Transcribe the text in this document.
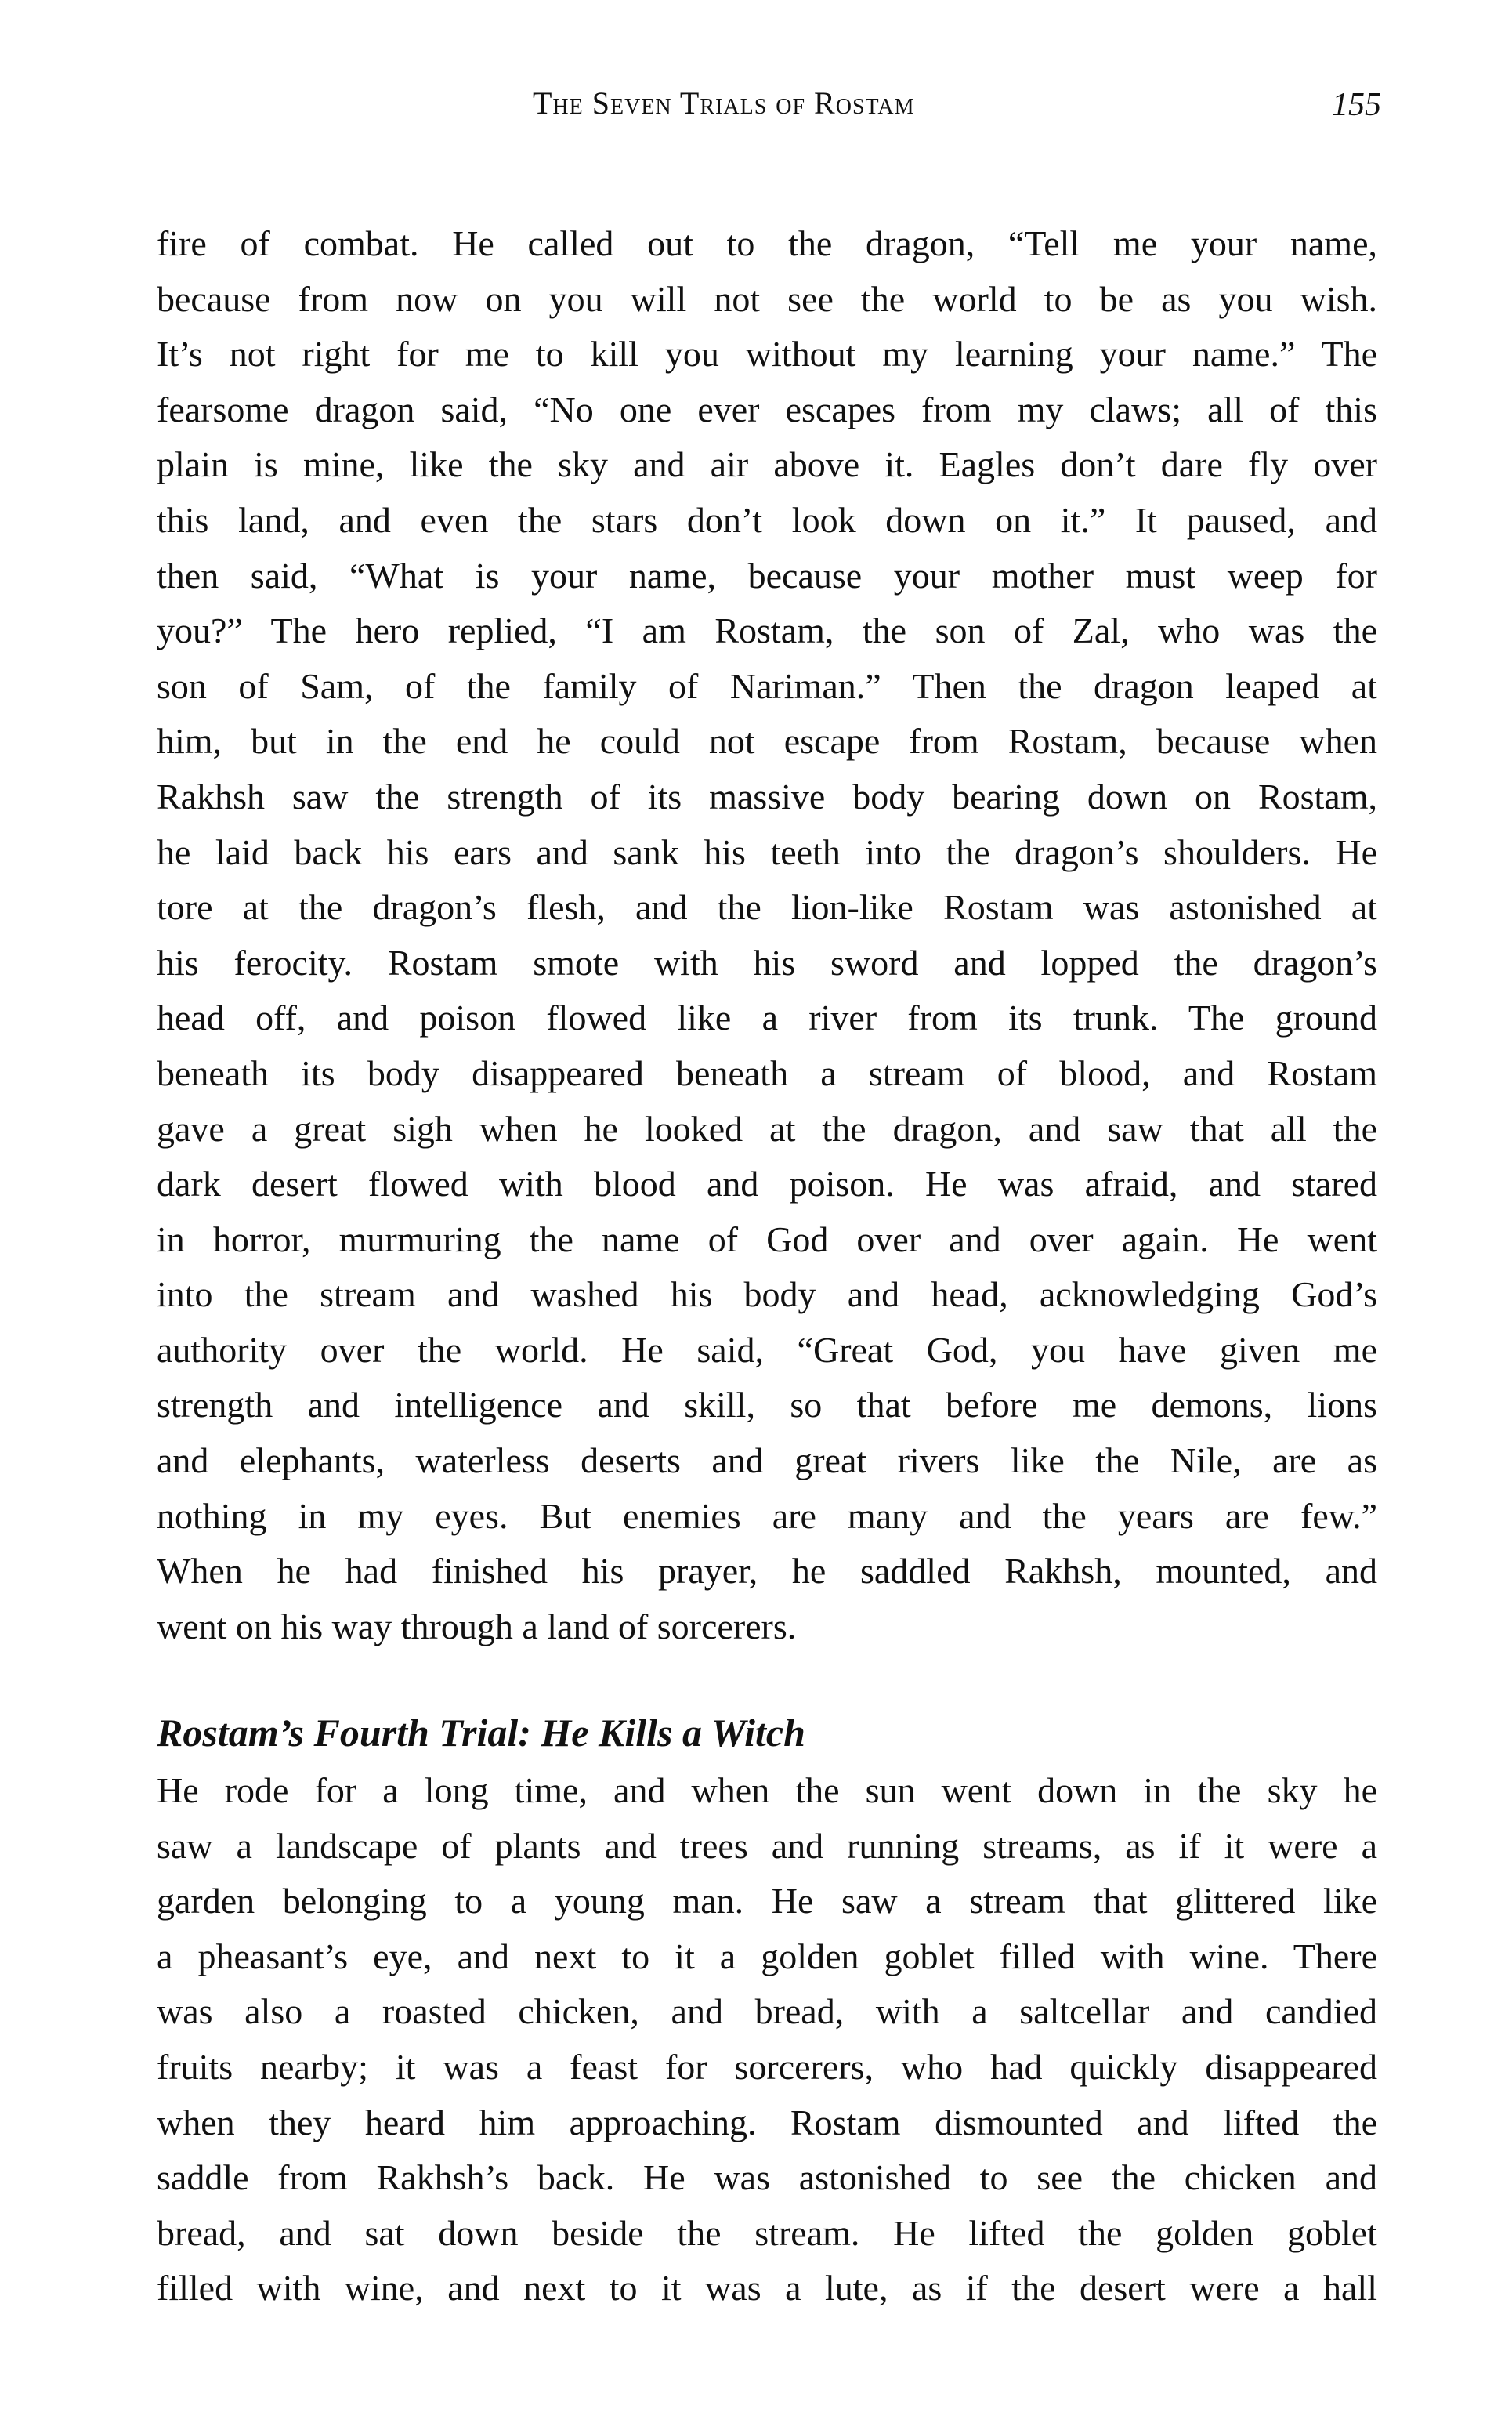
The Seven Trials of Rostam	155
fire of combat. He called out to the dragon, “Tell me your name,
because from now on you will not see the world to be as you wish.
It’s not right for me to kill you without my learning your name.” The
fearsome dragon said, “No one ever escapes from my claws; all of this
plain is mine, like the sky and air above it. Eagles don’t dare fly over
this land, and even the stars don’t look down on it.” It paused, and
then said, “What is your name, because your mother must weep for
you?” The hero replied, “I am Rostam, the son of Zal, who was the
son of Sam, of the family of Nariman.” Then the dragon leaped at
him, but in the end he could not escape from Rostam, because when
Rakhsh saw the strength of its massive body bearing down on Rostam,
he laid back his ears and sank his teeth into the dragon’s shoulders. He
tore at the dragon’s flesh, and the lion-like Rostam was astonished at
his ferocity. Rostam smote with his sword and lopped the dragon’s
head off, and poison flowed like a river from its trunk. The ground
beneath its body disappeared beneath a stream of blood, and Rostam
gave a great sigh when he looked at the dragon, and saw that all the
dark desert flowed with blood and poison. He was afraid, and stared
in horror, murmuring the name of God over and over again. He went
into the stream and washed his body and head, acknowledging God’s
authority over the world. He said, “Great God, you have given me
strength and intelligence and skill, so that before me demons, lions
and elephants, waterless deserts and great rivers like the Nile, are as
nothing in my eyes. But enemies are many and the years are few.”
When he had finished his prayer, he saddled Rakhsh, mounted, and
went on his way through a land of sorcerers.
Rostam’s Fourth Trial: He Kills a Witch
He rode for a long time, and when the sun went down in the sky he
saw a landscape of plants and trees and running streams, as if it were a
garden belonging to a young man. He saw a stream that glittered like
a pheasant’s eye, and next to it a golden goblet filled with wine. There
was also a roasted chicken, and bread, with a saltcellar and candied
fruits nearby; it was a feast for sorcerers, who had quickly disappeared
when they heard him approaching. Rostam dismounted and lifted the
saddle from Rakhsh’s back. He was astonished to see the chicken and
bread, and sat down beside the stream. He lifted the golden goblet
filled with wine, and next to it was a lute, as if the desert were a hall
